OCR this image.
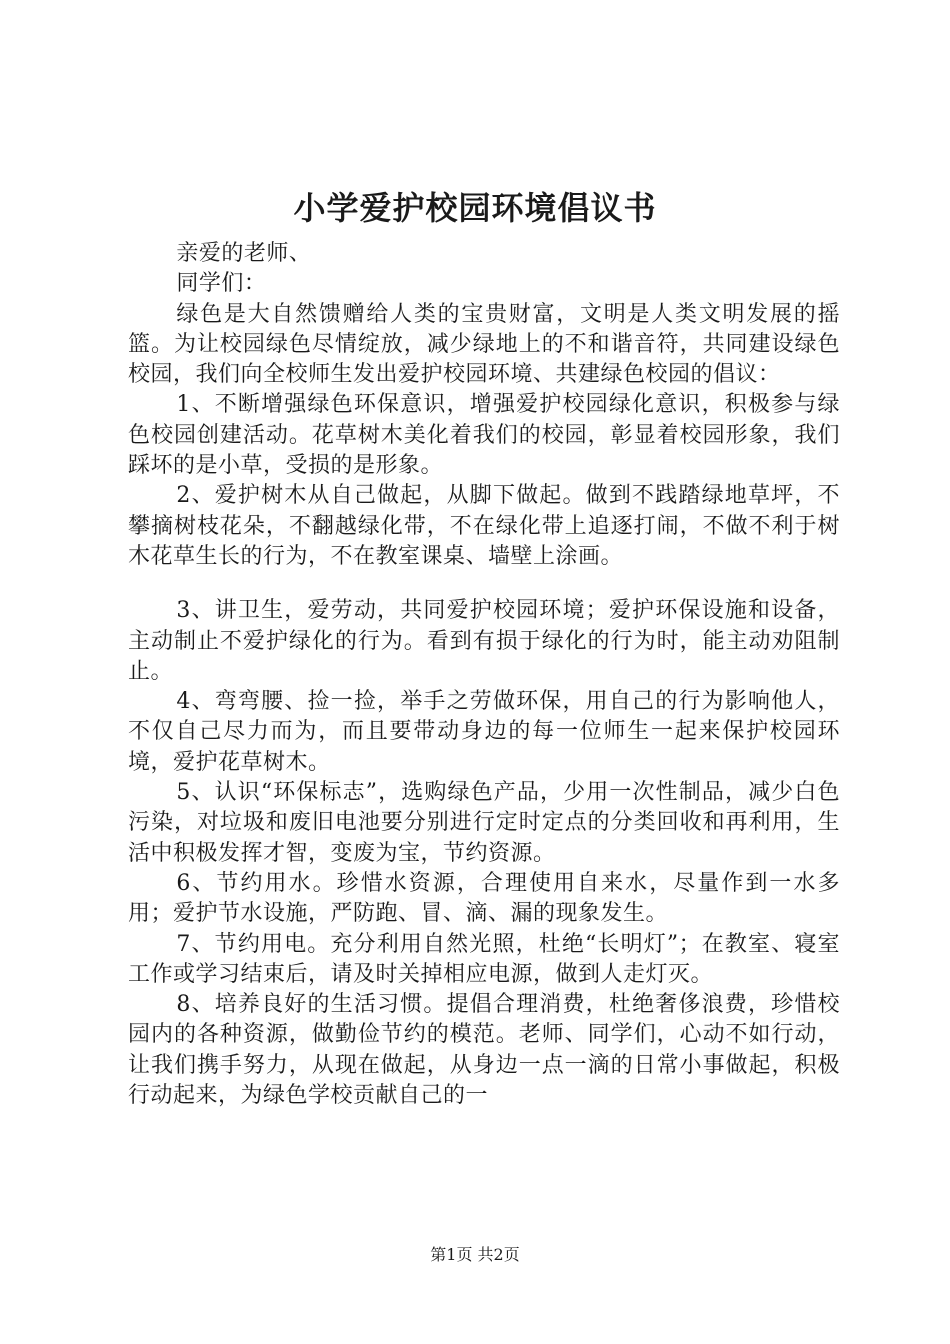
小学爱护校园环境倡议书

亲爱的老师、

同学们：

绿色是大自然馈赠给人类的宝贵财富，文明是人类文明发展的摇篮。为让校园绿色尽情绽放，减少绿地上的不和谐音符，共同建设绿色校园，我们向全校师生发出爱护校园环境、共建绿色校园的倡议：

1、不断增强绿色环保意识，增强爱护校园绿化意识，积极参与绿色校园创建活动。花草树木美化着我们的校园，彰显着校园形象，我们踩坏的是小草，受损的是形象。

2、爱护树木从自己做起，从脚下做起。做到不践踏绿地草坪，不攀摘树枝花朵，不翻越绿化带，不在绿化带上追逐打闹，不做不利于树木花草生长的行为，不在教室课桌、墙壁上涂画。

3、讲卫生，爱劳动，共同爱护校园环境；爱护环保设施和设备，主动制止不爱护绿化的行为。看到有损于绿化的行为时，能主动劝阻制止。

4、弯弯腰、捡一捡，举手之劳做环保，用自己的行为影响他人，不仅自己尽力而为，而且要带动身边的每一位师生一起来保护校园环境，爱护花草树木。

5、认识“环保标志”，选购绿色产品，少用一次性制品，减少白色污染，对垃圾和废旧电池要分别进行定时定点的分类回收和再利用，生活中积极发挥才智，变废为宝，节约资源。

6、节约用水。珍惜水资源，合理使用自来水，尽量作到一水多用；爱护节水设施，严防跑、冒、滴、漏的现象发生。

7、节约用电。充分利用自然光照，杜绝“长明灯”；在教室、寝室工作或学习结束后，请及时关掉相应电源，做到人走灯灭。

8、培养良好的生活习惯。提倡合理消费，杜绝奢侈浪费，珍惜校园内的各种资源，做勤俭节约的模范。老师、同学们，心动不如行动，让我们携手努力，从现在做起，从身边一点一滴的日常小事做起，积极行动起来，为绿色学校贡献自己的一

第1页 共2页
